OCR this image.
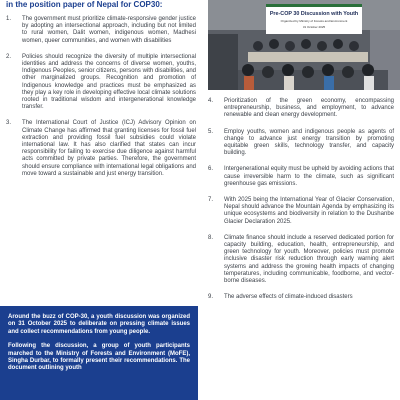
in the position paper of Nepal for COP30:
1. The government must prioritize climate-responsive gender justice by adopting an intersectional approach, including but not limited to rural women, Dalit women, indigenous women, Madhesi women, queer communities, and women with disabilities
2. Policies should recognize the diversity of multiple intersectional identities and address the concerns of diverse women, youths, Indigenous Peoples, senior citizens, persons with disabilities, and other marginalized groups. Recognition and promotion of Indigenous knowledge and practices must be emphasized as they play a key role in developing effective local climate solutions rooted in traditional wisdom and intergenerational knowledge transfer.
3. The International Court of Justice (ICJ) Advisory Opinion on Climate Change has affirmed that granting licenses for fossil fuel extraction and providing fossil fuel subsidies could violate international law. It has also clarified that states can incur responsibility for failing to exercise due diligence against harmful acts committed by private parties. Therefore, the government should ensure compliance with international legal obligations and move toward a sustainable and just energy transition.

Around the buzz of COP-30, a youth discussion was organized on 31 October 2025 to deliberate on pressing climate issues and collect recommendations from young people.

Following the discussion, a group of youth participants marched to the Ministry of Forests and Environment (MoFE), Singha Durbar, to formally present their recommendations. The document outlining youth

Pre-COP 30 Discussion with Youth
Organized by Ministry of Forests and Environment
31 October 2025
4. Prioritization of the green economy, encompassing entrepreneurship, business, and employment, to advance renewable and clean energy development.
5. Employ youths, women and indigenous people as agents of change to advance just energy transition by promoting equitable green skills, technology transfer, and capacity building.
6. Intergenerational equity must be upheld by avoiding actions that cause irreversible harm to the climate, such as significant greenhouse gas emissions.
7. With 2025 being the International Year of Glacier Conservation, Nepal should advance the Mountain Agenda by emphasizing its unique ecosystems and biodiversity in relation to the Dushanbe Glacier Declaration 2025.
8. Climate finance should include a reserved dedicated portion for capacity building, education, health, entrepreneurship, and green technology for youth. Moreover, policies must promote inclusive disaster risk reduction through early warning alert systems and address the growing health impacts of changing temperatures, including communicable, foodborne, and vector-borne diseases.
9. The adverse effects of climate-induced disasters
